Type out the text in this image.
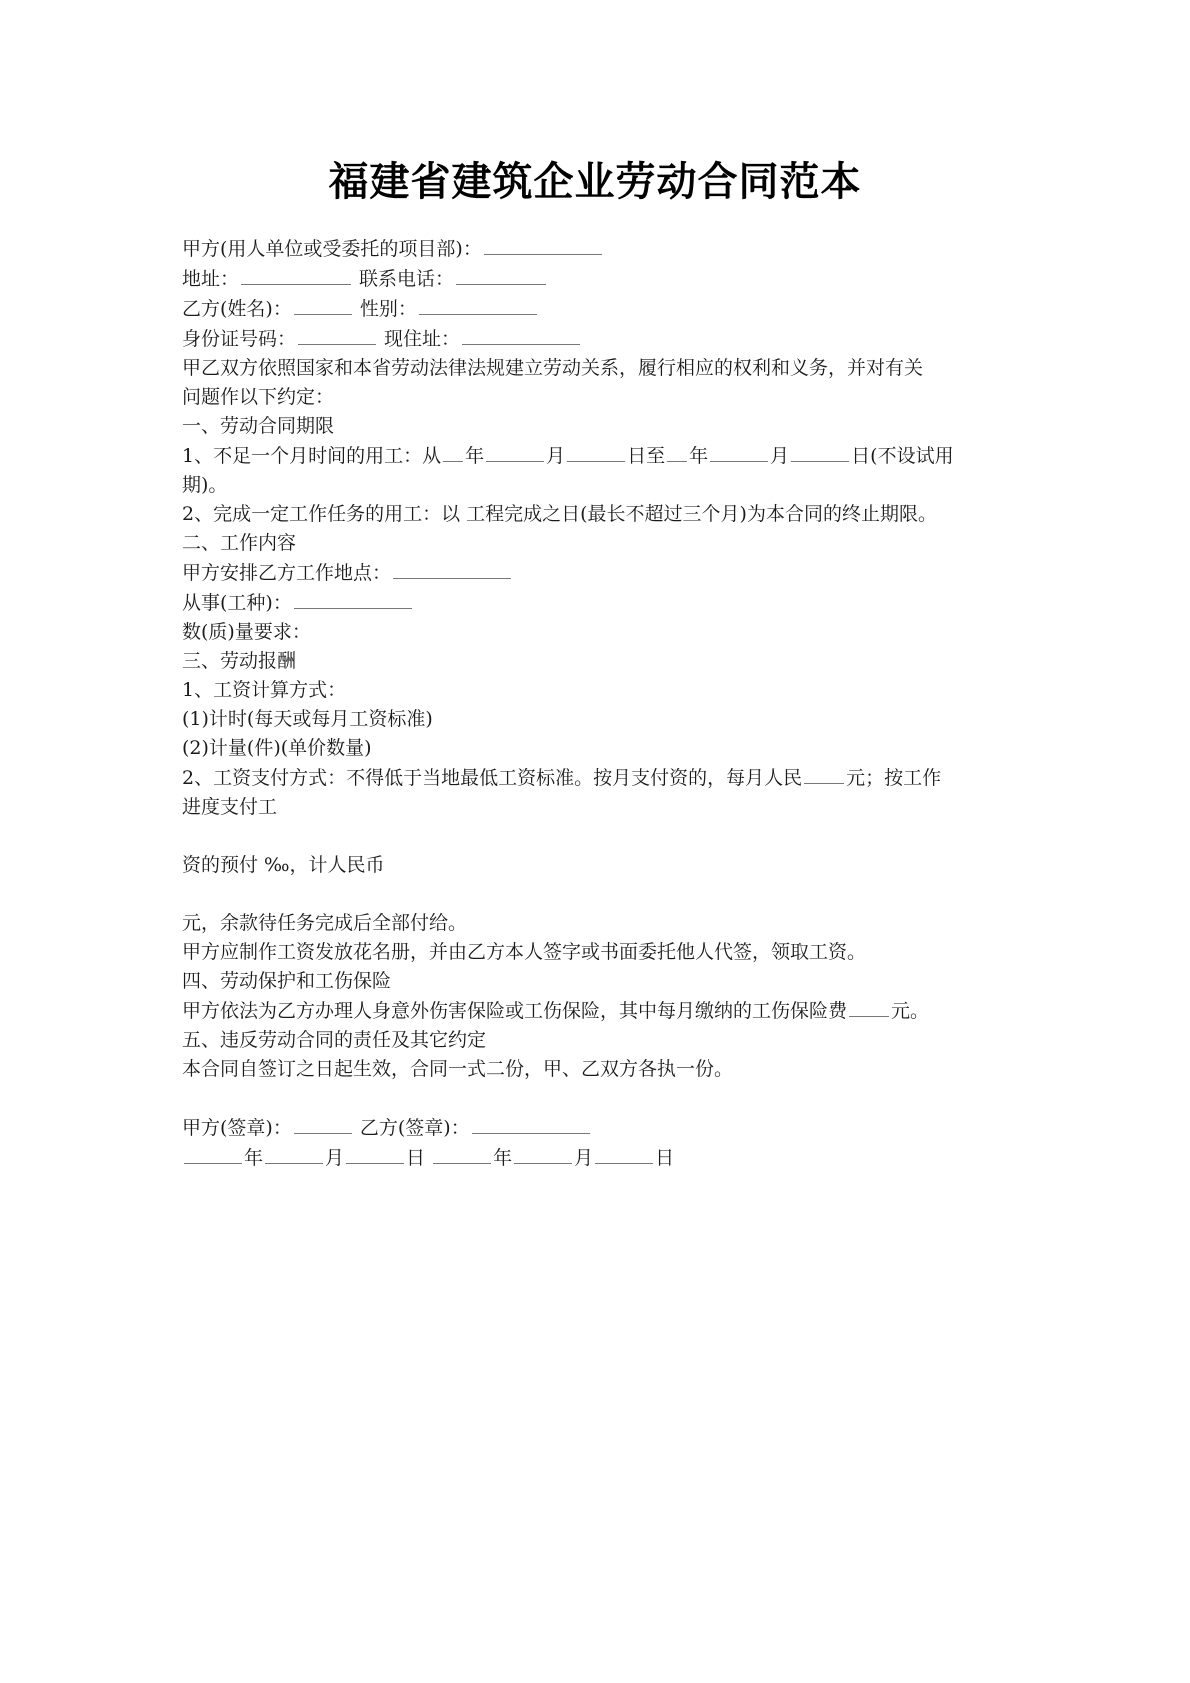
福建省建筑企业劳动合同范本
甲方(用人单位或受委托的项目部)：
地址：	联系电话：
乙方(姓名)：	性别：
身份证号码：	现住址：
甲乙双方依照国家和本省劳动法律法规建立劳动关系，履行相应的权利和义务，并对有关
问题作以下约定：
一、劳动合同期限
1、不足一个月时间的用工：从 年	月	日至 年	月	日(不设试用
期)。
2、完成一定工作任务的用工：以 工程完成之日(最长不超过三个月)为本合同的终止期限。
二、工作内容
甲方安排乙方工作地点：
从事(工种)：
数(质)量要求：
三、劳动报酬
1、工资计算方式：
(1)计时(每天或每月工资标准)
(2)计量(件)(单价数量)
2、工资支付方式：不得低于当地最低工资标准。按月支付资的，每月人民 元；按工作
进度支付工
资的预付 ‰，计人民币
元，余款待任务完成后全部付给。
甲方应制作工资发放花名册，并由乙方本人签字或书面委托他人代签，领取工资。
四、劳动保护和工伤保险
甲方依法为乙方办理人身意外伤害保险或工伤保险，其中每月缴纳的工伤保险费 元。
五、违反劳动合同的责任及其它约定
本合同自签订之日起生效，合同一式二份，甲、乙双方各执一份。
甲方(签章)：	乙方(签章)：
年	月	日	年	月	日
